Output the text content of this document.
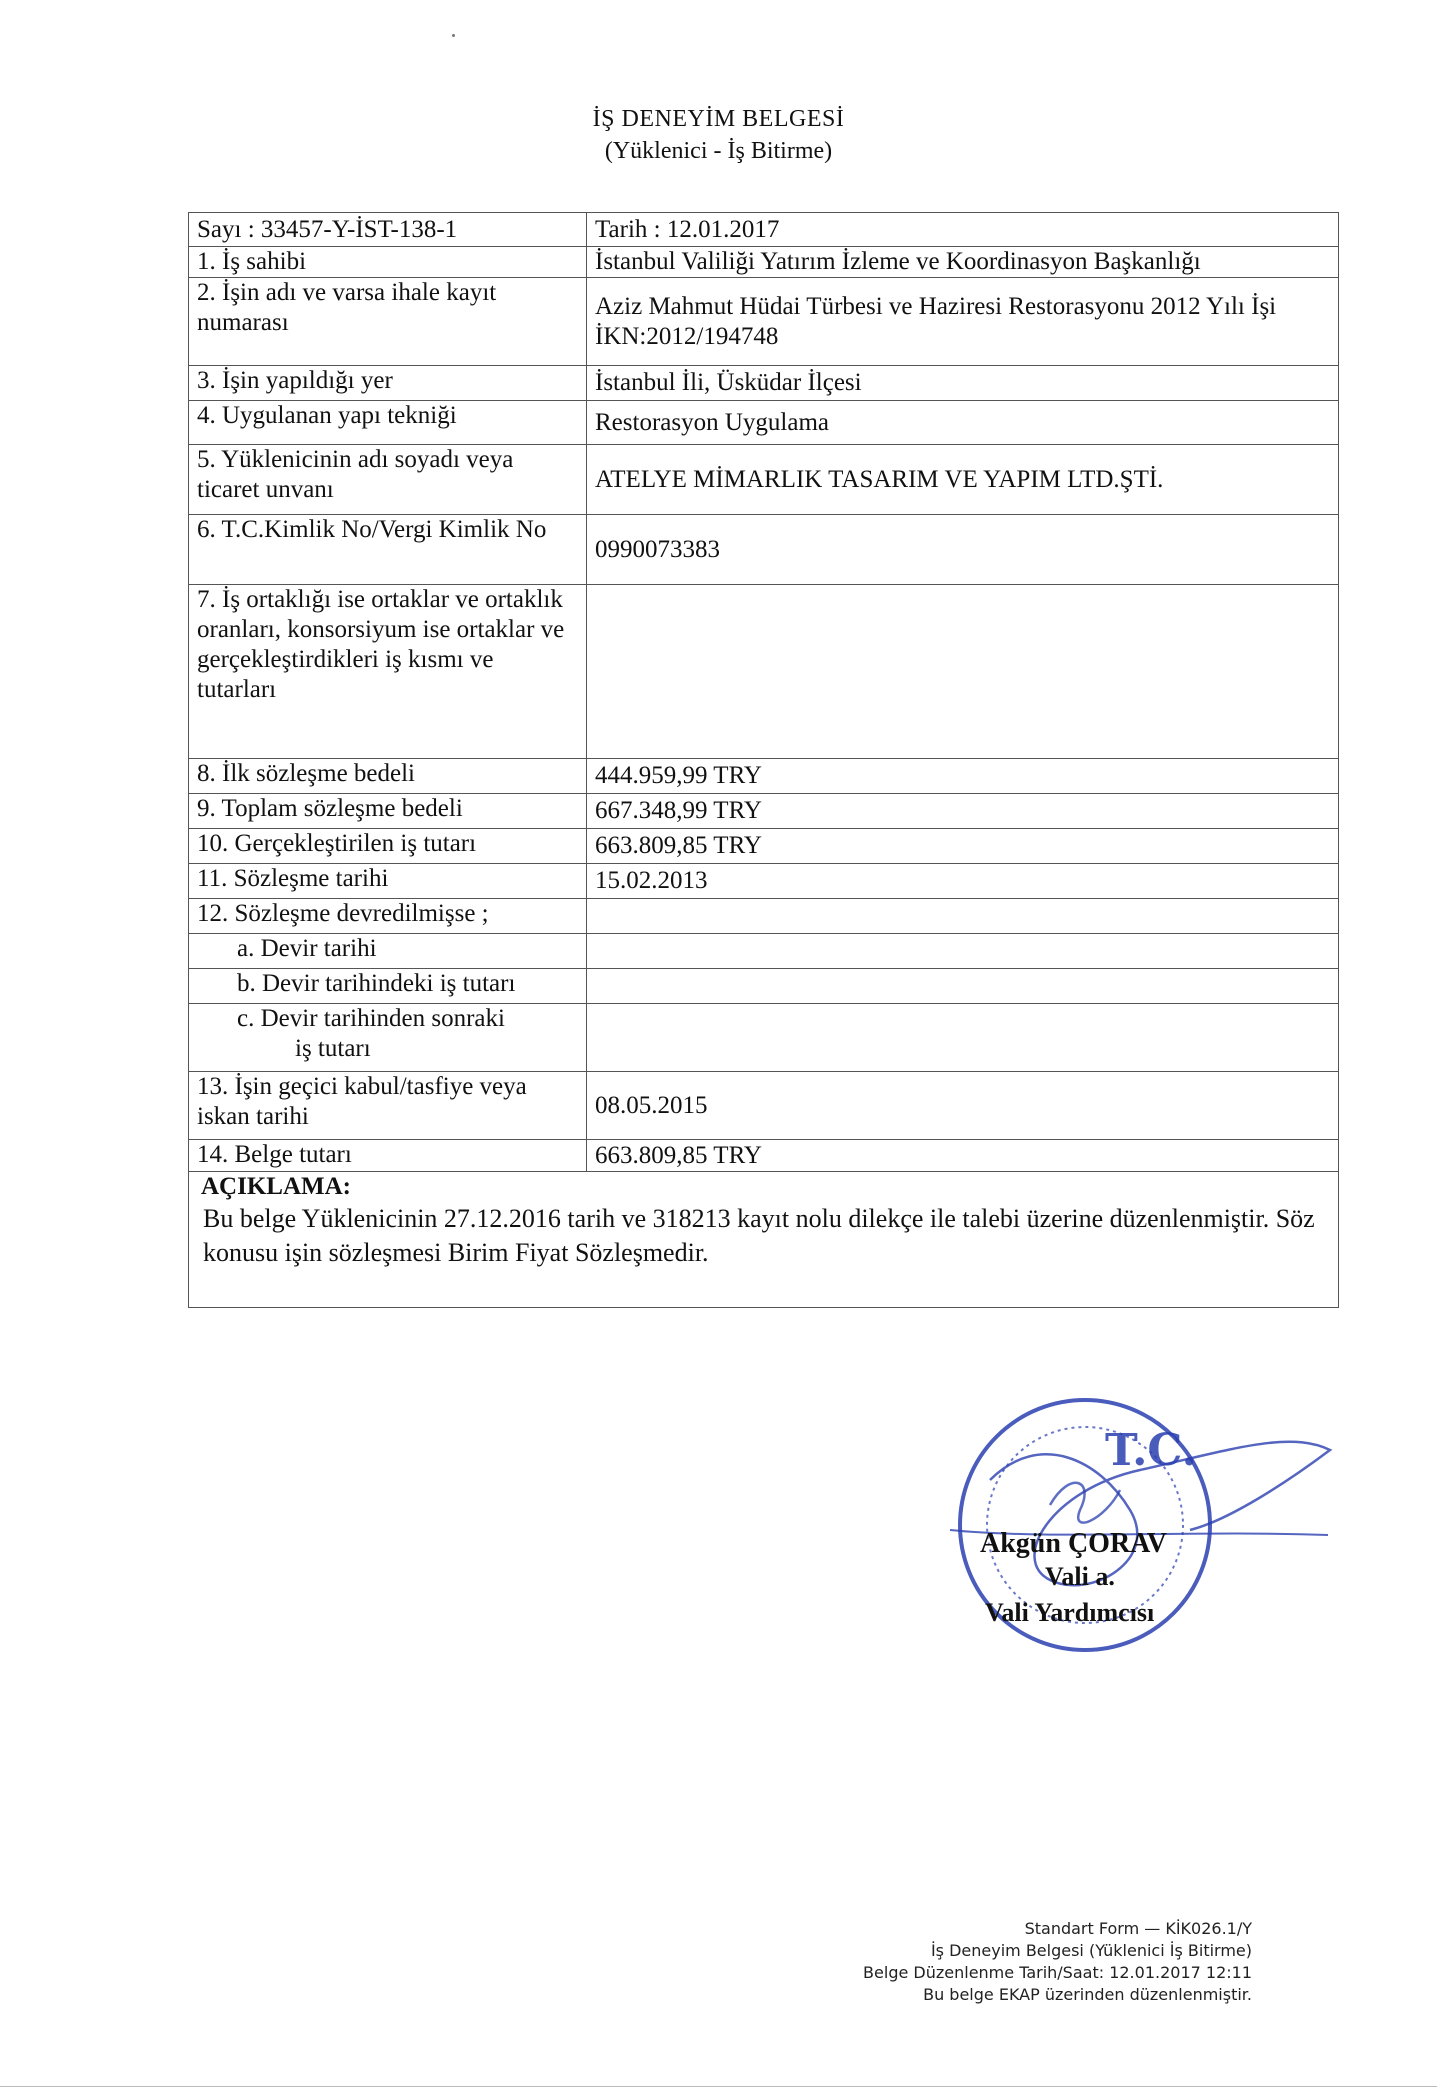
İŞ DENEYİM BELGESİ
(Yüklenici - İş Bitirme)
Sayı : 33457-Y-İST-138-1	Tarih : 12.01.2017
1. İş sahibi	İstanbul Valiliği Yatırım İzleme ve Koordinasyon Başkanlığı
2. İşin adı ve varsa ihale kayıt numarası	Aziz Mahmut Hüdai Türbesi ve Haziresi Restorasyonu 2012 Yılı İşi İKN:2012/194748
3. İşin yapıldığı yer	İstanbul İli, Üsküdar İlçesi
4. Uygulanan yapı tekniği	Restorasyon Uygulama
5. Yüklenicinin adı soyadı veya ticaret unvanı	ATELYE MİMARLIK TASARIM VE YAPIM LTD.ŞTİ.
6. T.C.Kimlik No/Vergi Kimlik No	0990073383
7. İş ortaklığı ise ortaklar ve ortaklık oranları, konsorsiyum ise ortaklar ve gerçekleştirdikleri iş kısmı ve tutarları	
8. İlk sözleşme bedeli	444.959,99 TRY
9. Toplam sözleşme bedeli	667.348,99 TRY
10. Gerçekleştirilen iş tutarı	663.809,85 TRY
11. Sözleşme tarihi	15.02.2013
12. Sözleşme devredilmişse ;	
a. Devir tarihi	
b. Devir tarihindeki iş tutarı	
c. Devir tarihinden sonraki
iş tutarı	

13. İşin geçici kabul/tasfiye veya iskan tarihi	08.05.2015
14. Belge tutarı	663.809,85 TRY

AÇIKLAMA:
Bu belge Yüklenicinin 27.12.2016 tarih ve 318213 kayıt nolu dilekçe ile talebi üzerine düzenlenmiştir. Söz konusu işin sözleşmesi Birim Fiyat Sözleşmedir.	
T.C.
Akgün ÇORAV
Vali a.
Vali Yardımcısı
Standart Form — KİK026.1/Y
İş Deneyim Belgesi (Yüklenici İş Bitirme)
Belge Düzenlenme Tarih/Saat: 12.01.2017 12:11
Bu belge EKAP üzerinden düzenlenmiştir.
